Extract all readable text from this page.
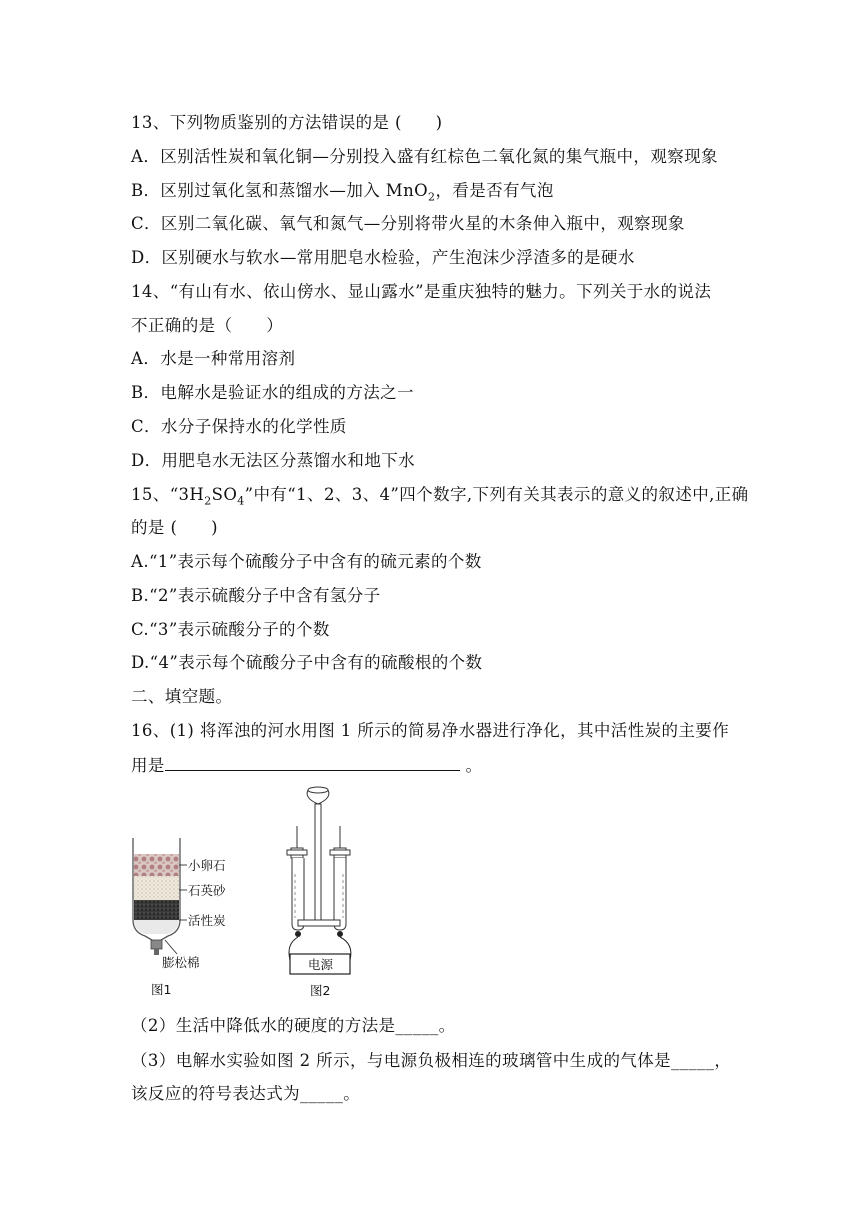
13、下列物质鉴别的方法错误的是 (　　)
A．区别活性炭和氧化铜—分别投入盛有红棕色二氧化氮的集气瓶中，观察现象
B．区别过氧化氢和蒸馏水—加入 MnO$_2$，看是否有气泡
C．区别二氧化碳、氧气和氮气—分别将带火星的木条伸入瓶中，观察现象
D．区别硬水与软水—常用肥皂水检验，产生泡沫少浮渣多的是硬水
14、“有山有水、依山傍水、显山露水”是重庆独特的魅力。下列关于水的说法
不正确的是（　　）
A．水是一种常用溶剂
B．电解水是验证水的组成的方法之一
C．水分子保持水的化学性质
D．用肥皂水无法区分蒸馏水和地下水
15、“$3H_2SO_4$”中有“1、2、3、4”四个数字,下列有关其表示的意义的叙述中,正确
的是 (　　)
A.“1”表示每个硫酸分子中含有的硫元素的个数
B.“2”表示硫酸分子中含有氢分子
C.“3”表示硫酸分子的个数
D.“4”表示每个硫酸分子中含有的硫酸根的个数
二、填空题。
16、(1) 将浑浊的河水用图 1 所示的简易净水器进行净化，其中活性炭的主要作
用是	。
小卵石
石英砂
活性炭
膨松棉
图1
电源
图2
（2）生活中降低水的硬度的方法是_____。
（3）电解水实验如图 2 所示，与电源负极相连的玻璃管中生成的气体是_____，
该反应的符号表达式为_____。
